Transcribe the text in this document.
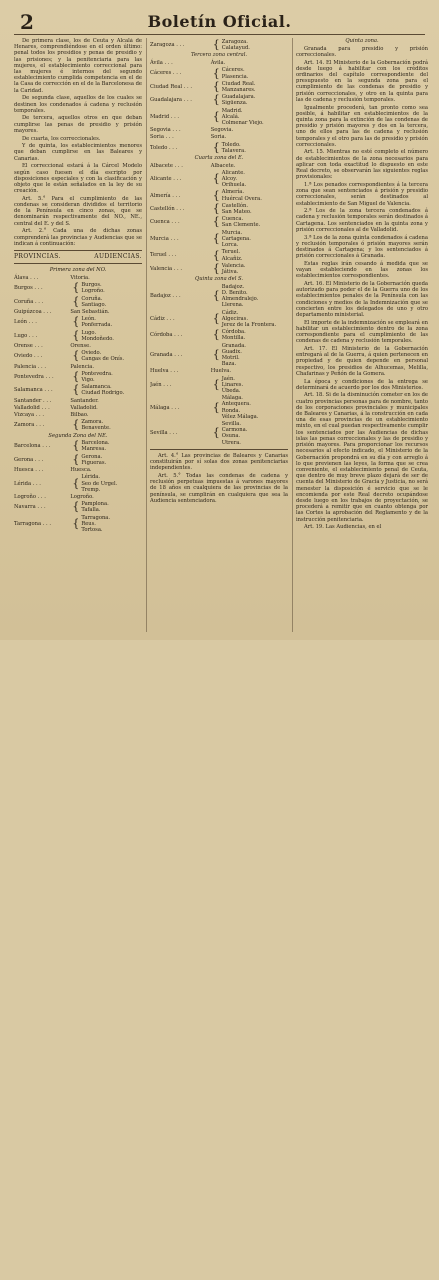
2	Boletín Oficial.

De primera clase, los de Ceuta y Alcalá de Henares, comprendiéndose en el orden último: penal todos los presidios y penas de presidio y las prisiones; y la penitenciaria para las mujeres, el establecimiento correccional para las mujeres é internos del segundo establecimiento cumplida competencia en el de la Casa de corrección en el de la Barcelonesa de la Caridad.

De segunda clase, aquellos de los cuales se destinen los condenados á cadena y reclusión temporales.

De tercera, aquellos otros en que deban cumplirse las penas de presidio y prisión mayores.

De cuarta, los correccionales.

Y de quinta, los establecimientos menores que deban cumplirse en las Baleares y Canarias.

El correccional estará á la Cárcel Modelo según caso fuesen el día escripto por disposiciones especiales y con la clasificación y objeto que le están señalados en la ley de su creación.

Art. 5.° Para el cumplimiento de las condenas se consideran divididos el territorio de la Península en cinco zonas, que se denominarán respectivamente del NO., NE., central del E. y del S.

Art. 2.° Cada una de dichas zonas comprenderá las provincias y Audiencias que se indican á continuación:

PROVINCIAS.	AUDIENCIAS.

Primera zona del NO.

Álava . . .	Vitoria.
Burgos . . .	{ Burgos.
Logroño.
Coruña . . .	{ Coruña.
Santiago.
Guipúzcoa . . .	San Sebastián.
León . . .	{ León.
Ponferrada.
Lugo . . .	{ Lugo.
Mondoñedo.
Orense . . .	Orense.
Oviedo . . .	{ Oviedo.
Cangas de Onís.
Palencia . . .	Palencia.
Pontevedra . . .	{ Pontevedra.
Vigo.
Salamanca . . .	{ Salamanca.
Ciudad Rodrigo.
Santander . . .	Santander.
Valladolid . . .	Valladolid.
Vizcaya . . .	Bilbao.
Zamora . . .	{ Zamora.
Benavente.

Segunda Zona del NE.

Barcelona . . .	{ Barcelona.
Manresa.
Gerona . . .	{ Gerona.
Figueras.
Huesca . . .	Huesca.
Lérida . . .	{ Lérida.
Seo de Urgel.
Tremp.
Logroño . . .	Logroño.
Navarra . . .	{ Pamplona.
Tafalla.
Tarragona . . .	{ Tarragona.
Reus.
Tortosa.
Zaragoza . . .	{ Zaragoza.
Calatayud.

Tercera zona central.

Ávila . . .	Ávila.
Cáceres . . .	{ Cáceres.
Plasencia.
Ciudad Real . . .	{ Ciudad Real.
Manzanares.
Guadalajara . . .	{ Guadalajara.
Sigüenza.
Madrid . . .	{ Madrid.
Alcalá.
Colmenar Viejo.
Segovia . . .	Segovia.
Soria . . .	Soria.
Toledo . . .	{ Toledo.
Talavera.

Cuarta zona del E.

Albacete . . .	Albacete.
Alicante . . .	{ Alicante.
Alcoy.
Orihuela.
Almería . . .	{ Almería.
Huércal Overa.
Castellón . . .	{ Castellón.
San Mateo.
Cuenca . . .	{ Cuenca.
San Clemente.
Murcia . . .	{ Murcia.
Cartagena.
Lorca.
Teruel . . .	{ Teruel.
Alcañiz.
Valencia . . .	{ Valencia.
Játiva.

Quinta zona del S.

Badajoz . . .	{
Badajoz.
D. Benito.
Almendralejo.
Llerena.
Cádiz . . .	{ Cádiz.
Algeciras.
Jerez de la Frontera.
Córdoba . . .	{ Córdoba.
Montilla.
Granada . . .	{
Granada.
Guadix.
Motril.
Baza.
Huelva . . .	Huelva.
Jaén . . .	{ Jaén.
Linares.
Úbeda.
Málaga . . .	{
Málaga.
Antequera.
Ronda.
Vélez Málaga.
Sevilla . . .	{
Sevilla.
Carmona.
Osuna.
Utrera.

Art. 4.° Las provincias de Baleares y Canarias constituirán por sí solas dos zonas penitenciarias independientes.

Art. 5.° Todas las condenas de cadena y reclusión perpetuas impuestas á varones mayores de 18 años en cualquiera de las provincias de la península, se cumplirán en cualquiera que sea la Audiencia sentenciadora.

Quinta zona.

Granada para presidio y prisión correccionales.

Art. 14. El Ministerio de la Gobernación podrá desde luego á habilitar con los créditos ordinarios del capítulo correspondiente del presupuesto en la segunda zona para el cumplimiento de las condenas de presidio y prisión correccionales, y otro en la quinta para las de cadena y reclusión temporales.

Igualmente procederá, tan pronto como sea posible, á habilitar en establecimientos de la quinta zona para la extinción de las condenas de presidio y prisión mayores y dos en la tercera, uno de ellos para las de cadena y reclusión temporales y el otro para las de presidio y prisión correccionales.

Art. 15. Mientras no esté completo el número de establecimientos de la zona necesarios para aplicar con toda exactitud lo dispuesto en este Real decreto, se observarán las siguientes reglas provisionales:

1.ª Los penados correspondientes á la tercera zona que sean sentenciados á prisión y presidio correccionales, serán destinados al establecimiento de San Miguel de Valencia.

2.ª Los de la zona tercera condenados á cadena y reclusión temporales serán destinados á Cartagena. Los sentenciados en la quinta zona y prisión correccionales al de Valladolid.

3.ª Los de la zona quinta condenados á cadena y reclusión temporales ó prisión mayores serán destinados á Cartagena; y los sentenciados á prisión correccionales á Granada.

Estas reglas irán cesando á medida que se vayan estableciendo en las zonas los establecimientos correspondientes.

Art. 16. El Ministerio de la Gobernación queda autorizado para poder el de la Guerra uno de los establecimientos penales de la Península con las condiciones y medios de la Indemnización que se concierten entre los delegados de uno y otro departamento ministerial.

El importe de la indemnización se empleará en habilitar un establecimiento dentro de la zona correspondiente para el cumplimiento de las condenas de cadena y reclusión temporales.

Art. 17. El Ministerio de la Gobernación entregará al de la Guerra, á quien pertenecen en propiedad y de quien depende en personal respectivo, los presidios de Alhucemas, Melilla, Chafarinas y Peñón de la Gomera.

La época y condiciones de la entrega se determinará de acuerdo por los dos Ministerios.

Art. 18. Si de la disminución cometer en los de cuatro provincias personas para de nombre, tanto de los corporaciones provinciales y municipales de Baleares y Canarias, á la construcción en cada una de esas provincias de un establecimiento mixto, en el cual puedan respectivamente cumplir los sentenciados por las Audiencias de dichas islas las penas correccionales y las de presidio y prisión mayores. Para proporcionar los recursos necesarios al efecto indicado, el Ministerio de la Gobernación propondrá en su día y con arreglo á lo que previenen las leyes, la forma que se crea conveniente, el establecimiento penal de Ceuta, que dentro de muy breve plazo dejará de ser de cuenta del Ministerio de Gracia y Justicia, no será menester la disposición é servicio que se le encomienda por este Real decreto ocupándose desde luego en los trabajos de proyectación, se procederá a remitir que en cuanto obtenga por las Cortes la aprobación del Reglamento y de la instrucción penitenciaria.

Art. 19. Las Audiencias, en el
